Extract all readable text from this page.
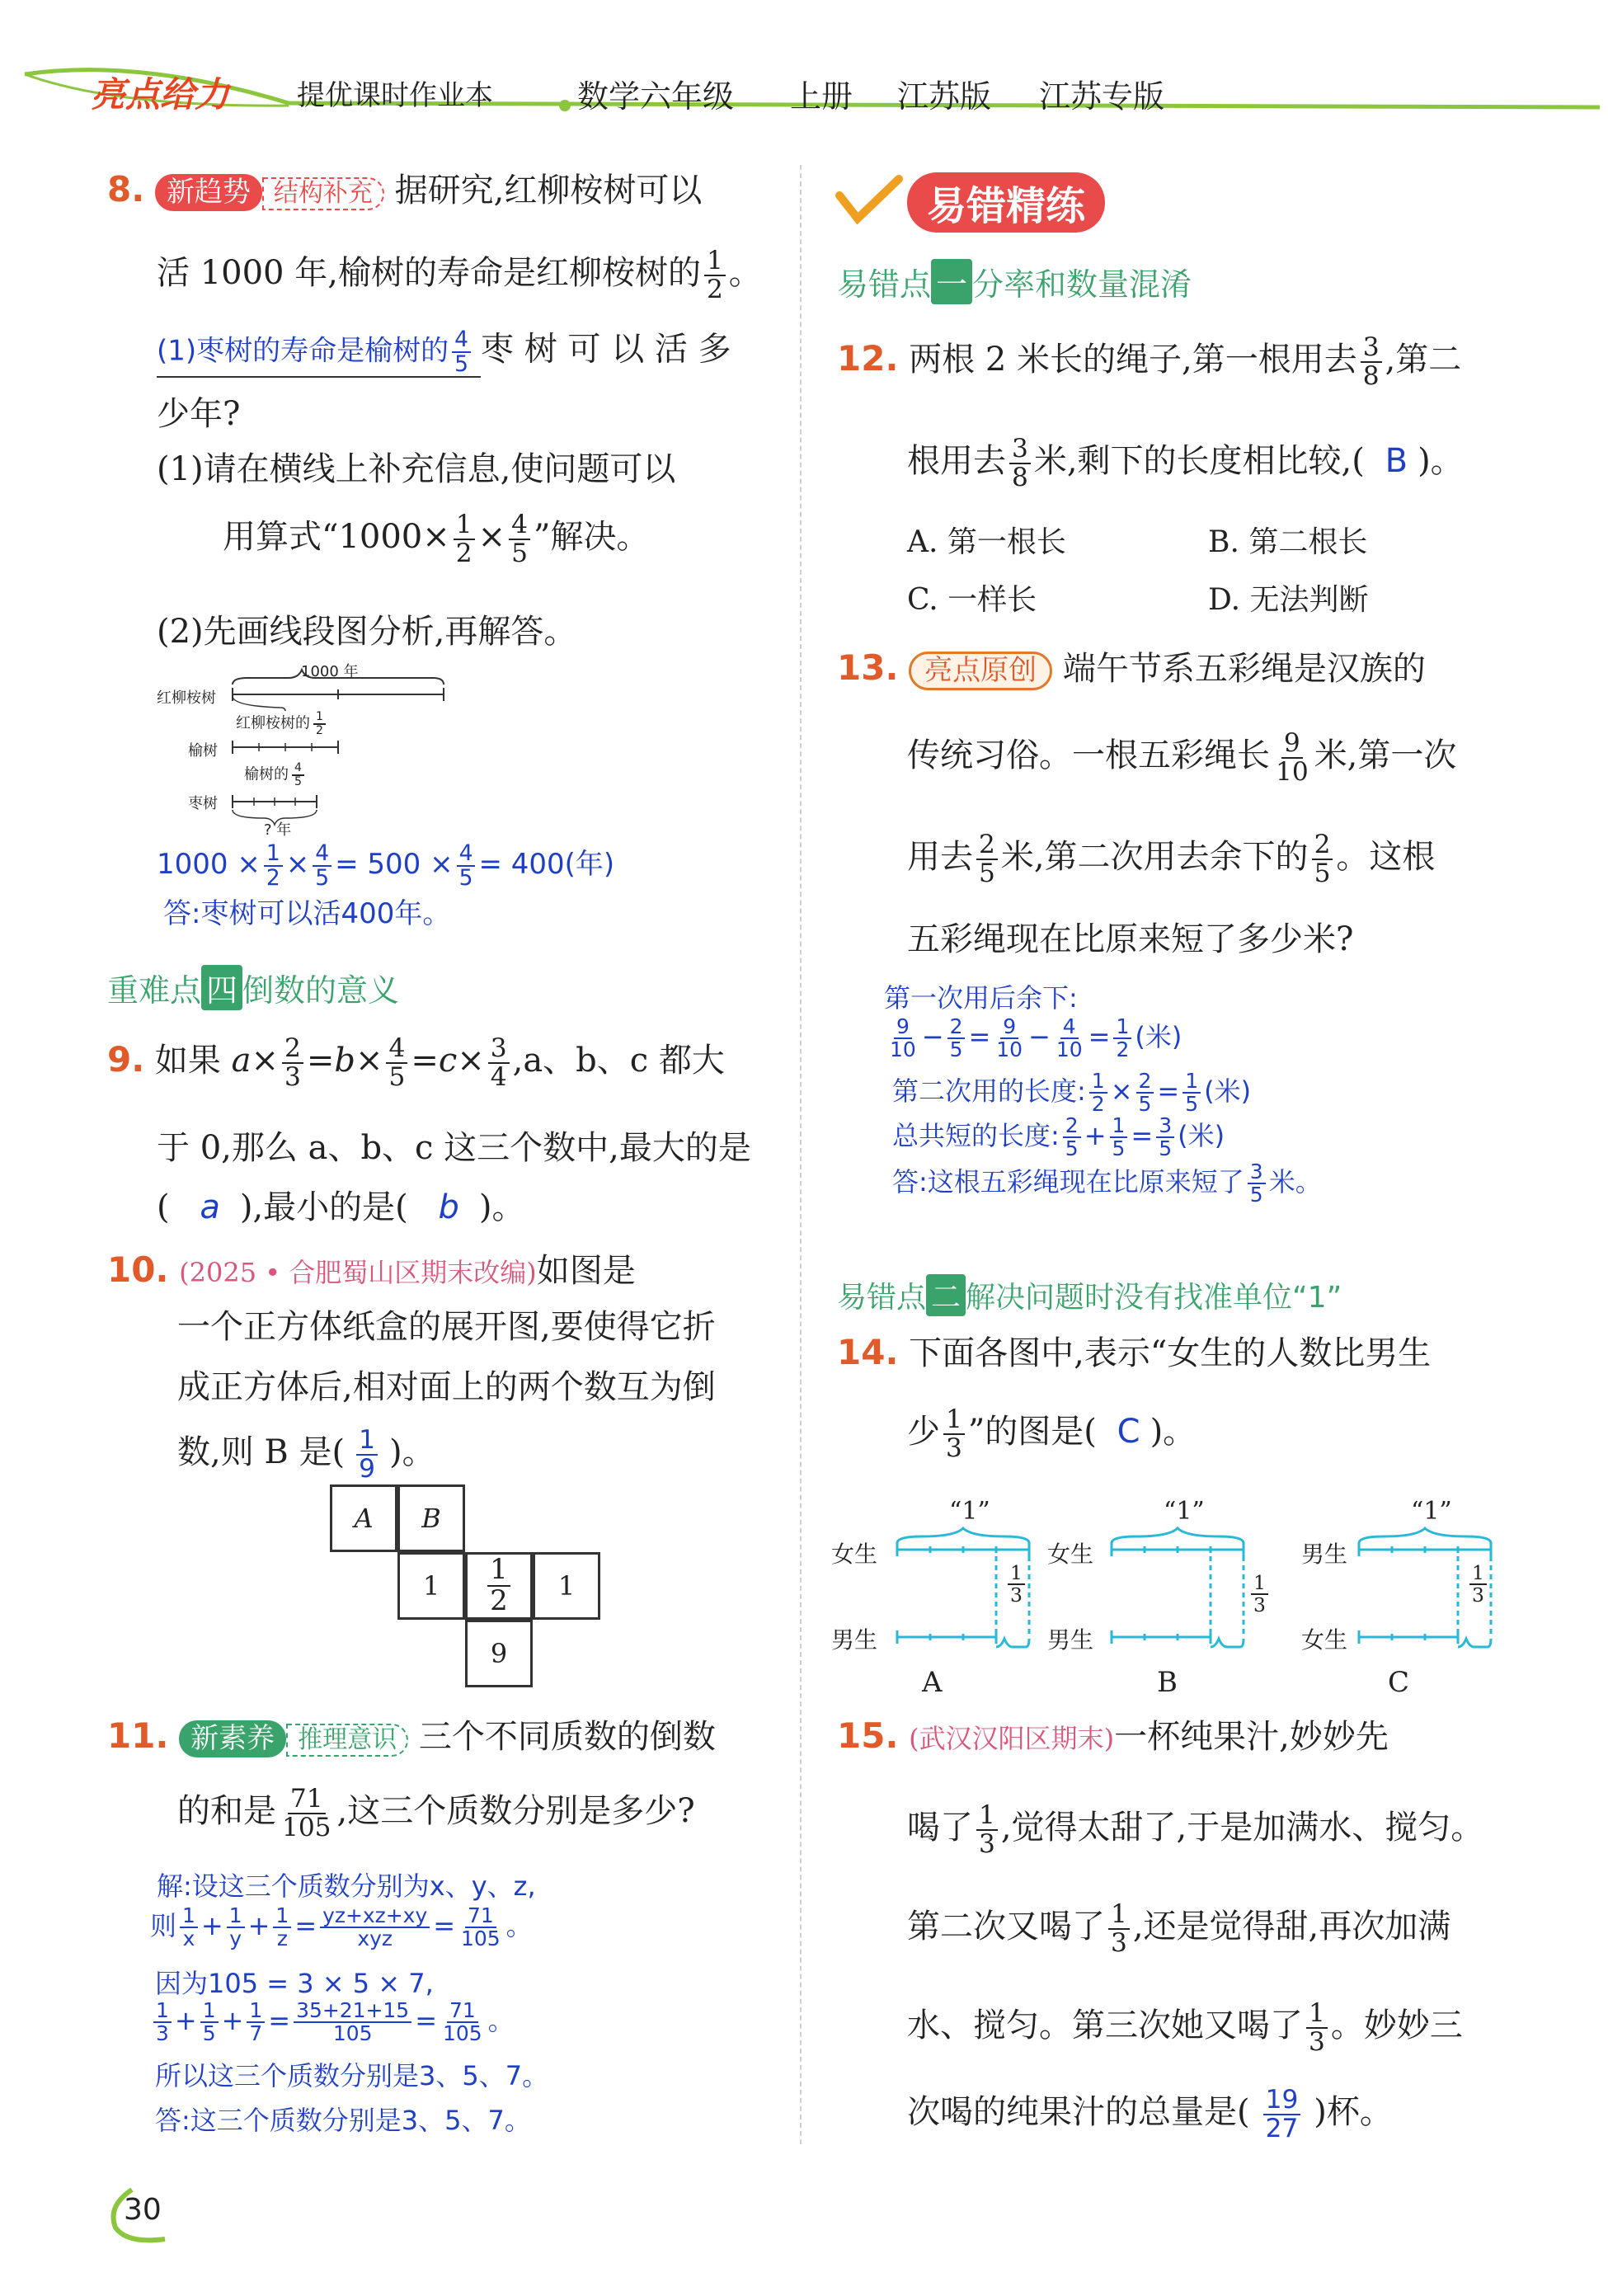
亮点给力 提优课时作业本	数学六年级 上册 江苏版 江苏专版
8. 新趋势 结构补充 据研究,红柳桉树可以
活 1000 年,榆树的寿命是红柳桉树的 $\frac{1}{2}$ 。
(1)枣树的寿命是榆树的 $\frac{4}{5}$ 枣 树 可 以 活 多
少年?
(1)请在横线上补充信息,使问题可以
用算式“$1000\times \frac{1}{2} \times \frac{4}{5}$ ”解决。
(2)先画线段图分析,再解答。
1000 年
红柳桉树
红柳桉树的 $\frac{1}{2}$
榆树
榆树的 $\frac{4}{5}$
枣树
? 年
$1000 \times \frac{1}{2} \times \frac{4}{5} = 500 \times \frac{4}{5} = 400$(年)
答:枣树可以活400年。
重难点 四 倒数的意义
9. 如果 $a\times \frac{2}{3} =b\times \frac{4}{5} =c\times \frac{3}{4} ,a$、b、c 都大
于 0,那么 a、b、c 这三个数中,最大的是
( a ),最小的是( b )。
10. (2025 • 合肥蜀山区期末改编)如图是
一个正方体纸盒的展开图,要使得它折
成正方体后,相对面上的两个数互为倒
数,则 B 是( $\frac{1}{9}$ )。
A B
$1 \frac{1}{2} 1$
9
11. 新素养 推理意识 三个不同质数的倒数
的和是 $\frac{71}{105}$ ,这三个质数分别是多少?
解:设这三个质数分别为x、y、z,
则 $\frac{1}{x} + \frac{1}{y} + \frac{1}{z} = \frac{yz+xz+xy}{\text{xyz}} = \frac{71}{105}$ 。
因为105 = 3 × 5 × 7,
$\frac{1}{3} + \frac{1}{5} + \frac{1}{7} = \frac{35+21+15}{105} = \frac{71}{105}$ 。
所以这三个质数分别是3、5、7。
答:这三个质数分别是3、5、7。
易错精练
易错点 一 分率和数量混淆
12. 两根 2 米长的绳子,第一根用去 $\frac{3}{8}$ ,第二
根用去 $\frac{3}{8}$ 米,剩下的长度相比较,( B )。
A. 第一根长	B. 第二根长
C. 一样长	D. 无法判断
13. 亮点原创 端午节系五彩绳是汉族的
传统习俗。一根五彩绳长 $\frac{9}{10}$ 米,第一次
用去 $\frac{2}{5}$ 米,第二次用去余下的 $\frac{2}{5}$ 。这根
五彩绳现在比原来短了多少米?
第一次用后余下:
$\frac{9}{10} - \frac{2}{5} = \frac{9}{10} - \frac{4}{10} = \frac{1}{2}$ (米)
第二次用的长度: $\frac{1}{2} \times \frac{2}{5} = \frac{1}{5}$ (米)
总共短的长度: $\frac{2}{5} + \frac{1}{5} = \frac{3}{5}$ (米)
答:这根五彩绳现在比原来短了 $\frac{3}{5}$ 米。
易错点 二 解决问题时没有找准单位“1”
14. 下面各图中,表示“女生的人数比男生
少 $\frac{1}{3}$ ”的图是( C )。
“1”
女生
男生
$\frac{1}{3}$
A
“1”
女生
男生
$\frac{1}{3}$
B
“1”
男生
女生
$\frac{1}{3}$
C
15. (武汉汉阳区期末)一杯纯果汁,妙妙先
喝了 $\frac{1}{3}$ ,觉得太甜了,于是加满水、搅匀。
第二次又喝了 $\frac{1}{3}$ ,还是觉得甜,再次加满
水、搅匀。第三次她又喝了 $\frac{1}{3}$ 。妙妙三
次喝的纯果汁的总量是( $\frac{19}{27}$ )杯。
30
